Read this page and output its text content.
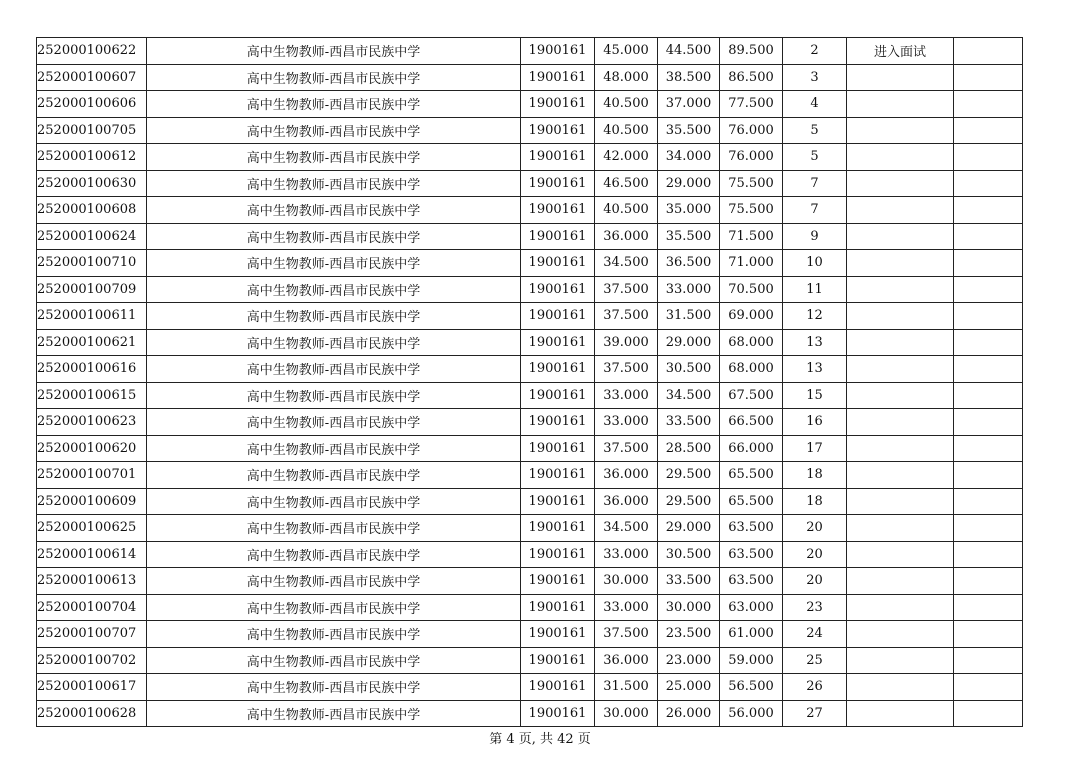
252000100622	高中生物教师-西昌市民族中学	1900161	45.000	44.500	89.500	2	进入面试	
252000100607	高中生物教师-西昌市民族中学	1900161	48.000	38.500	86.500	3		
252000100606	高中生物教师-西昌市民族中学	1900161	40.500	37.000	77.500	4		
252000100705	高中生物教师-西昌市民族中学	1900161	40.500	35.500	76.000	5		
252000100612	高中生物教师-西昌市民族中学	1900161	42.000	34.000	76.000	5		
252000100630	高中生物教师-西昌市民族中学	1900161	46.500	29.000	75.500	7		
252000100608	高中生物教师-西昌市民族中学	1900161	40.500	35.000	75.500	7		
252000100624	高中生物教师-西昌市民族中学	1900161	36.000	35.500	71.500	9		
252000100710	高中生物教师-西昌市民族中学	1900161	34.500	36.500	71.000	10		
252000100709	高中生物教师-西昌市民族中学	1900161	37.500	33.000	70.500	11		
252000100611	高中生物教师-西昌市民族中学	1900161	37.500	31.500	69.000	12		
252000100621	高中生物教师-西昌市民族中学	1900161	39.000	29.000	68.000	13		
252000100616	高中生物教师-西昌市民族中学	1900161	37.500	30.500	68.000	13		
252000100615	高中生物教师-西昌市民族中学	1900161	33.000	34.500	67.500	15		
252000100623	高中生物教师-西昌市民族中学	1900161	33.000	33.500	66.500	16		
252000100620	高中生物教师-西昌市民族中学	1900161	37.500	28.500	66.000	17		
252000100701	高中生物教师-西昌市民族中学	1900161	36.000	29.500	65.500	18		
252000100609	高中生物教师-西昌市民族中学	1900161	36.000	29.500	65.500	18		
252000100625	高中生物教师-西昌市民族中学	1900161	34.500	29.000	63.500	20		
252000100614	高中生物教师-西昌市民族中学	1900161	33.000	30.500	63.500	20		
252000100613	高中生物教师-西昌市民族中学	1900161	30.000	33.500	63.500	20		
252000100704	高中生物教师-西昌市民族中学	1900161	33.000	30.000	63.000	23		
252000100707	高中生物教师-西昌市民族中学	1900161	37.500	23.500	61.000	24		
252000100702	高中生物教师-西昌市民族中学	1900161	36.000	23.000	59.000	25		
252000100617	高中生物教师-西昌市民族中学	1900161	31.500	25.000	56.500	26		
252000100628	高中生物教师-西昌市民族中学	1900161	30.000	26.000	56.000	27		
第 4 页, 共 42 页
